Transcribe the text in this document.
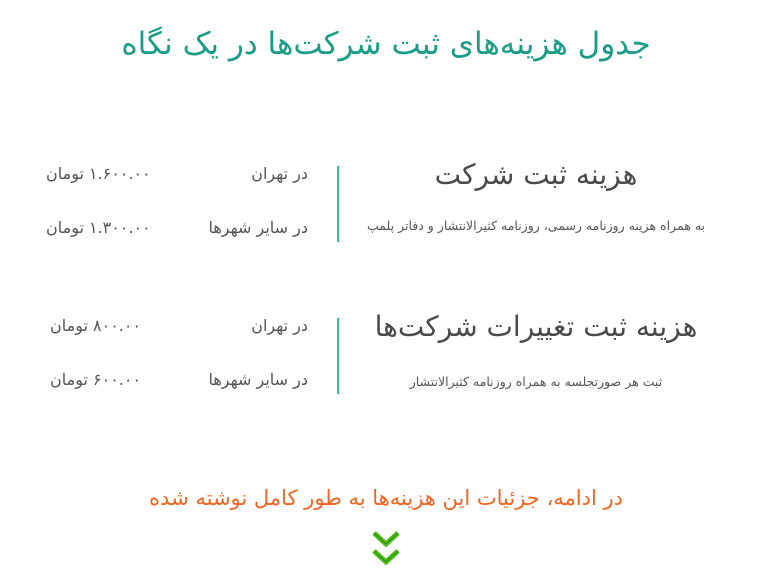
جدول هزینه‌های ثبت شرکت‌ها در یک نگاه
هزینه ثبت شرکت
به همراه هزینه روزنامه رسمی، روزنامه کثیرالانتشار و دفاتر پلمپ
در تهران
۱.۶۰۰.۰۰ تومان
در سایر شهرها
۱.۳۰۰.۰۰ تومان
هزینه ثبت تغییرات شرکت‌ها
ثبت هر صورتجلسه به همراه روزنامه کثیرالانتشار
در تهران
۸۰۰.۰۰ تومان
در سایر شهرها
۶۰۰.۰۰ تومان
در ادامه، جزئیات این هزینه‌ها به طور کامل نوشته شده
